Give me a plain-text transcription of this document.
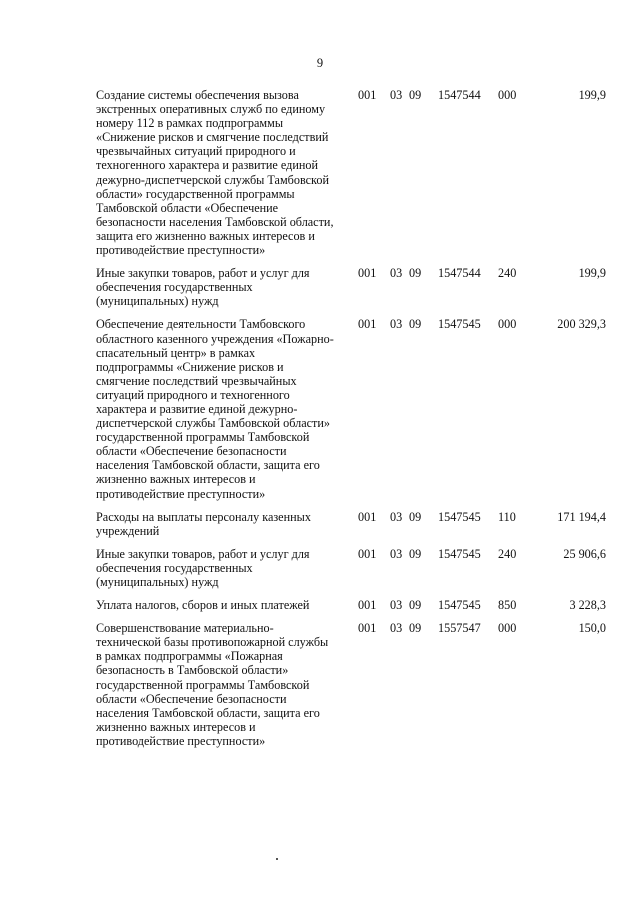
9
Создание системы обеспечения вызова экстренных оперативных служб по единому номеру 112 в рамках подпрограммы «Снижение рисков и смягчение последствий чрезвычайных ситуаций природного и техногенного характера и развитие единой дежурно-диспетчерской службы Тамбовской области» государственной программы Тамбовской области «Обеспечение безопасности населения Тамбовской области, защита его жизненно важных интересов и противодействие преступности»
001 03 09 1547544 000	199,9
Иные закупки товаров, работ и услуг для обеспечения государственных (муниципальных) нужд
001 03 09 1547544 240	199,9
Обеспечение деятельности Тамбовского областного казенного учреждения «Пожарно-спасательный центр» в рамках подпрограммы «Снижение рисков и смягчение последствий чрезвычайных ситуаций природного и техногенного характера и развитие единой дежурно-диспетчерской службы Тамбовской области» государственной программы Тамбовской области «Обеспечение безопасности населения Тамбовской области, защита его жизненно важных интересов и противодействие преступности»
001 03 09 1547545 000	200 329,3
Расходы на выплаты персоналу казенных учреждений
001 03 09 1547545 110	171 194,4
Иные закупки товаров, работ и услуг для обеспечения государственных (муниципальных) нужд
001 03 09 1547545 240	25 906,6
Уплата налогов, сборов и иных платежей	001 03 09 1547545 850	3 228,3
Совершенствование материально-технической базы противопожарной службы в рамках подпрограммы «Пожарная безопасность в Тамбовской области» государственной программы Тамбовской области «Обеспечение безопасности населения Тамбовской области, защита его жизненно важных интересов и противодействие преступности»
001 03 09 1557547 000	150,0
